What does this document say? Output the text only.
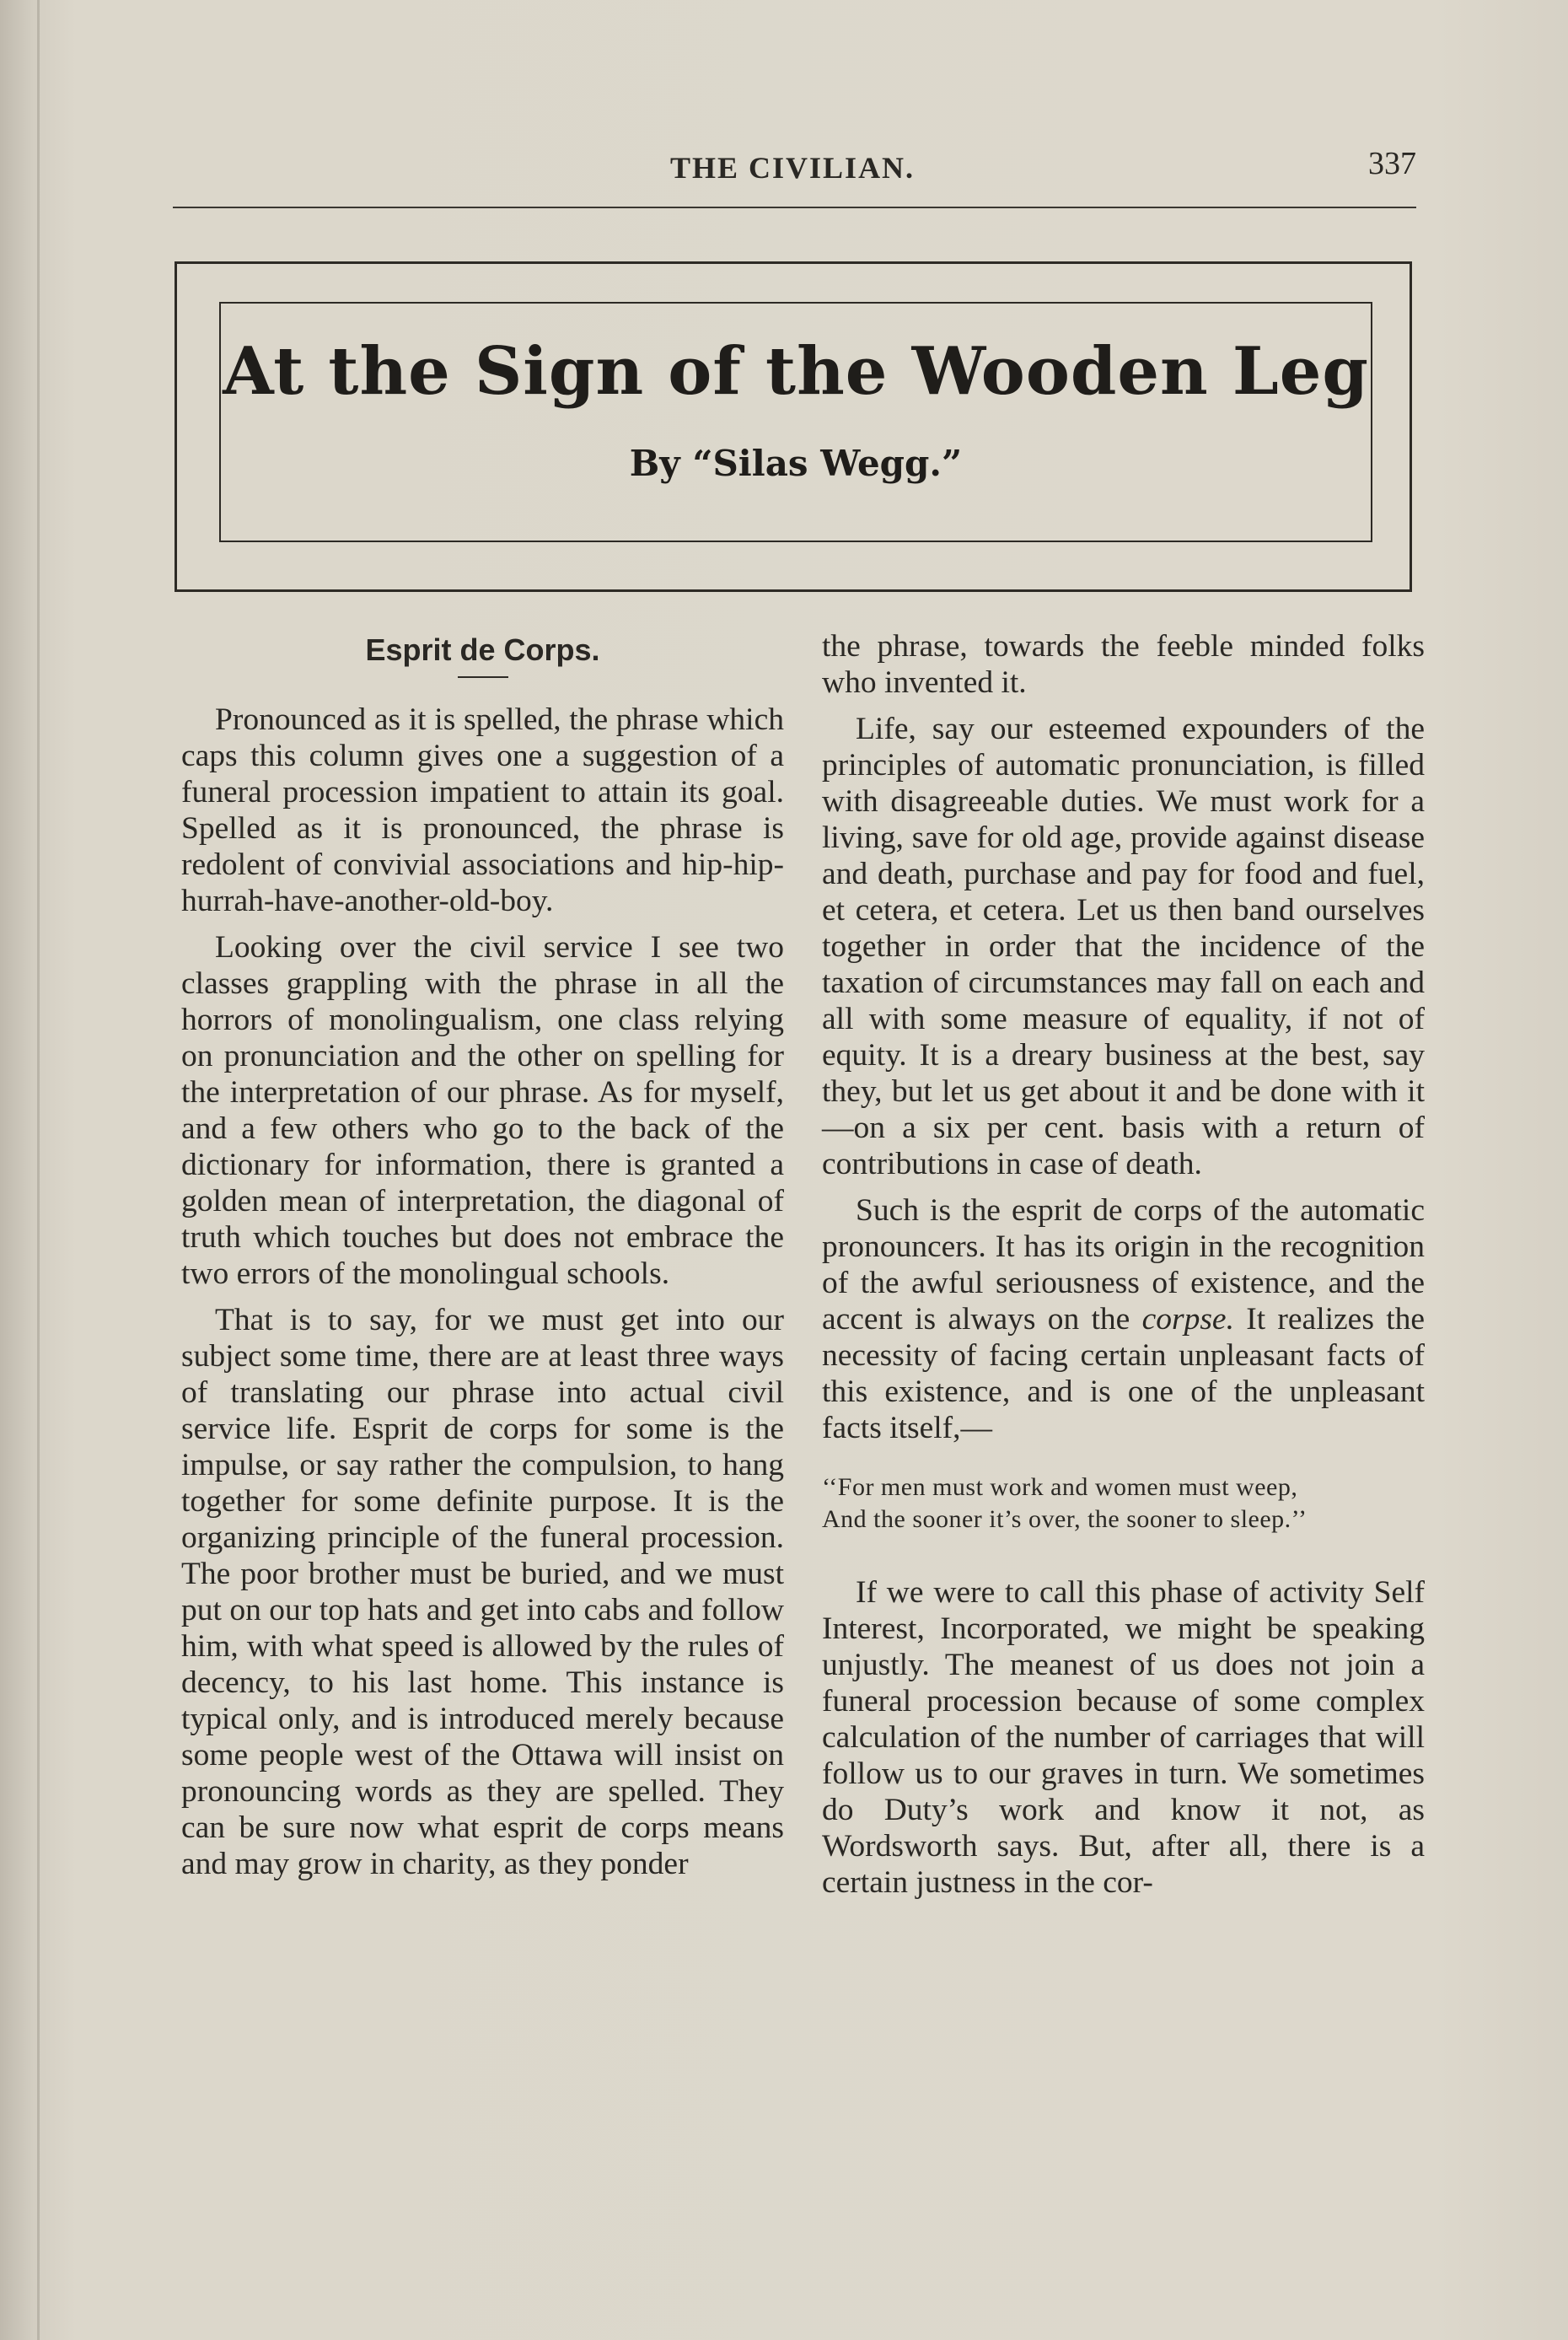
THE CIVILIAN.	337
At the Sign of the Wooden Leg
By “Silas Wegg.”
Esprit de Corps.

Pronounced as it is spelled, the phrase which caps this column gives one a suggestion of a funeral procession impatient to attain its goal. Spelled as it is pronounced, the phrase is redolent of convivial associations and hip-hip-hurrah-have-another-old-boy.

Looking over the civil service I see two classes grappling with the phrase in all the horrors of monolingualism, one class relying on pronunciation and the other on spelling for the interpretation of our phrase. As for myself, and a few others who go to the back of the dictionary for information, there is granted a golden mean of interpretation, the diagonal of truth which touches but does not embrace the two errors of the monolingual schools.

That is to say, for we must get into our subject some time, there are at least three ways of translating our phrase into actual civil service life. Esprit de corps for some is the impulse, or say rather the compulsion, to hang together for some definite purpose. It is the organizing principle of the funeral procession. The poor brother must be buried, and we must put on our top hats and get into cabs and follow him, with what speed is allowed by the rules of decency, to his last home. This instance is typical only, and is introduced merely because some people west of the Ottawa will insist on pronouncing words as they are spelled. They can be sure now what esprit de corps means and may grow in charity, as they ponder

the phrase, towards the feeble minded folks who invented it.

Life, say our esteemed expounders of the principles of automatic pronunciation, is filled with disagreeable duties. We must work for a living, save for old age, provide against disease and death, purchase and pay for food and fuel, et cetera, et cetera. Let us then band ourselves together in order that the incidence of the taxation of circumstances may fall on each and all with some measure of equality, if not of equity. It is a dreary business at the best, say they, but let us get about it and be done with it —on a six per cent. basis with a return of contributions in case of death.

Such is the esprit de corps of the automatic pronouncers. It has its origin in the recognition of the awful seriousness of existence, and the accent is always on the corpse. It realizes the necessity of facing certain unpleasant facts of this existence, and is one of the unpleasant facts itself,—

‘‘For men must work and women must weep,
And the sooner it’s over, the sooner to sleep.’’

If we were to call this phase of activity Self Interest, Incorporated, we might be speaking unjustly. The meanest of us does not join a funeral procession because of some complex calculation of the number of carriages that will follow us to our graves in turn. We sometimes do Duty’s work and know it not, as Wordsworth says. But, after all, there is a certain justness in the cor-
